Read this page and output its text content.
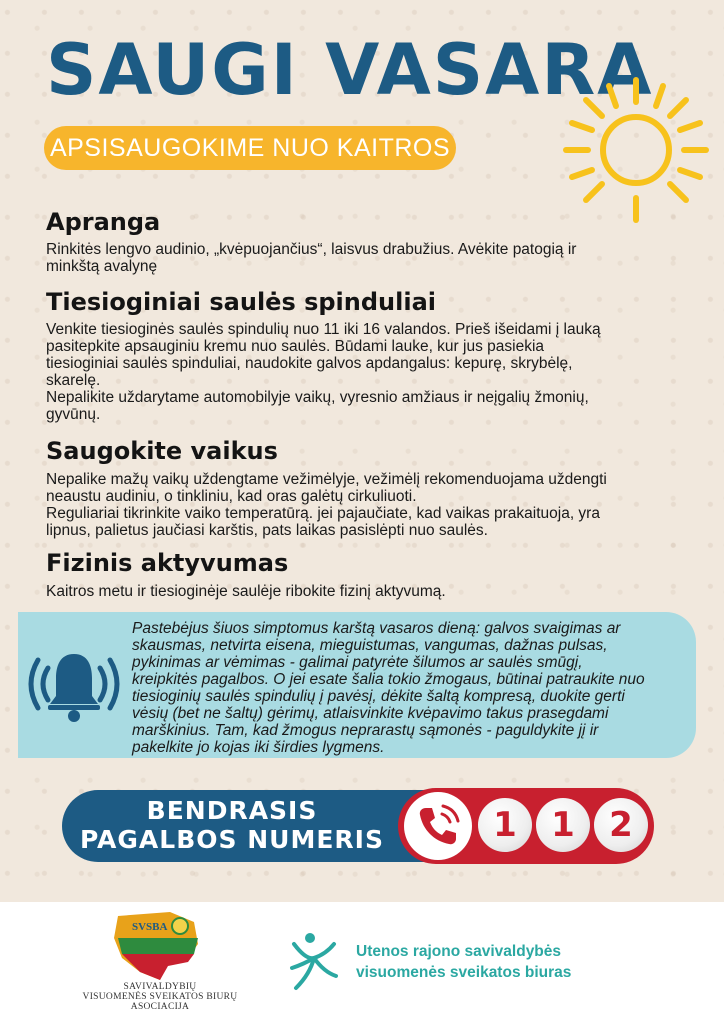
SAUGI VASARA
APSISAUGOKIME NUO KAITROS
Apranga
Rinkitės lengvo audinio, „kvėpuojančius“, laisvus drabužius. Avėkite patogią ir
minkštą avalynę
Tiesioginiai saulės spinduliai
Venkite tiesioginės saulės spindulių nuo 11 iki 16 valandos. Prieš išeidami į lauką
pasitepkite apsauginiu kremu nuo saulės. Būdami lauke, kur jus pasiekia
tiesioginiai saulės spinduliai, naudokite galvos apdangalus: kepurę, skrybėlę,
skarelę.
Nepalikite uždarytame automobilyje vaikų, vyresnio amžiaus ir neįgalių žmonių,
gyvūnų.
Saugokite vaikus
Nepalike mažų vaikų uždengtame vežimėlyje, vežimėlį rekomenduojama uždengti
neaustu audiniu, o tinkliniu, kad oras galėtų cirkuliuoti.
Reguliariai tikrinkite vaiko temperatūrą. jei pajaučiate, kad vaikas prakaituoja, yra
lipnus, palietus jaučiasi karštis, pats laikas pasislėpti nuo saulės.
Fizinis aktyvumas
Kaitros metu ir tiesioginėje saulėje ribokite fizinį aktyvumą.
Pastebėjus šiuos simptomus karštą vasaros dieną: galvos svaigimas ar
skausmas, netvirta eisena, mieguistumas, vangumas, dažnas pulsas,
pykinimas ar vėmimas - galimai patyrėte šilumos ar saulės smūgį,
kreipkitės pagalbos. O jei esate šalia tokio žmogaus, būtinai patraukite nuo
tiesioginių saulės spindulių į pavėsį, dėkite šaltą kompresą, duokite gerti
vėsių (bet ne šaltų) gėrimų, atlaisvinkite kvėpavimo takus prasegdami
marškinius. Tam, kad žmogus neprarastų sąmonės - paguldykite jį ir
pakelkite jo kojas iki širdies lygmens.
BENDRASIS
PAGALBOS NUMERIS	1	1	2
SVSBA
SAVIVALDYBIŲ
VISUOMENĖS SVEIKATOS BIURŲ
ASOCIACIJA
Utenos rajono savivaldybės
visuomenės sveikatos biuras
